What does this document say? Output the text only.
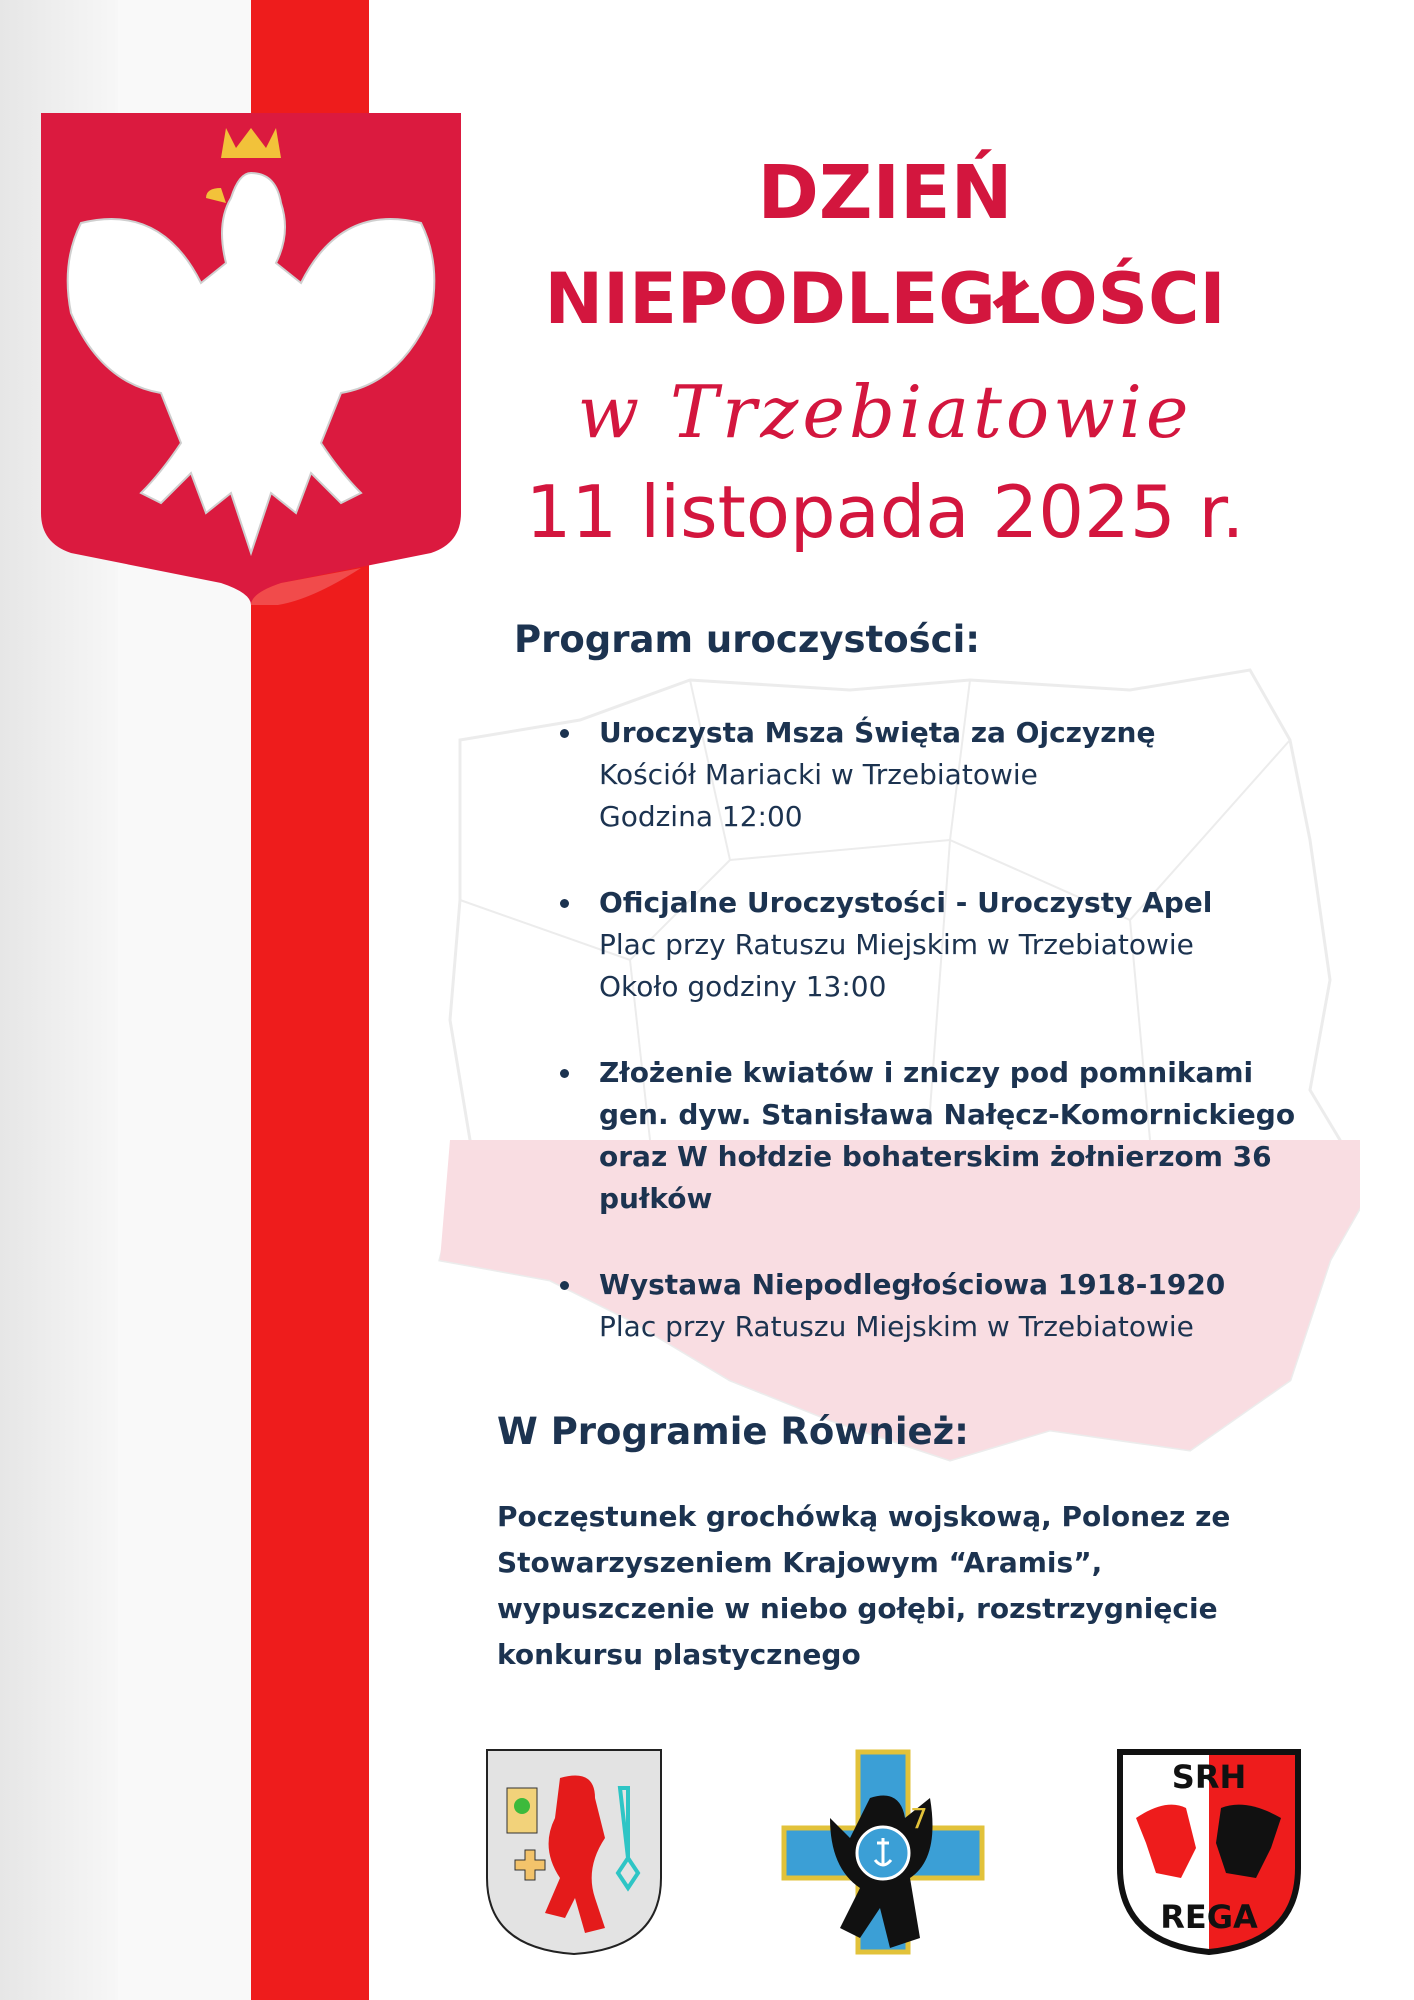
DZIEŃ
NIEPODLEGŁOŚCI
w Trzebiatowie
11 listopada 2025 r.
Program uroczystości:
Uroczysta Msza Święta za Ojczyznę
Kościół Mariacki w Trzebiatowie
Godzina 12:00
Oficjalne Uroczystości - Uroczysty Apel
Plac przy Ratuszu Miejskim w Trzebiatowie
Około godziny 13:00
Złożenie kwiatów i zniczy pod pomnikami gen. dyw. Stanisława Nałęcz-Komornickiego oraz W hołdzie bohaterskim żołnierzom 36 pułków
Wystawa Niepodległościowa 1918-1920
Plac przy Ratuszu Miejskim w Trzebiatowie
W Programie Również:

Poczęstunek grochówką wojskową, Polonez ze Stowarzyszeniem Krajowym “Aramis”, wypuszczenie w niebo gołębi, rozstrzygnięcie konkursu plastycznego

7
SRH
REGA
